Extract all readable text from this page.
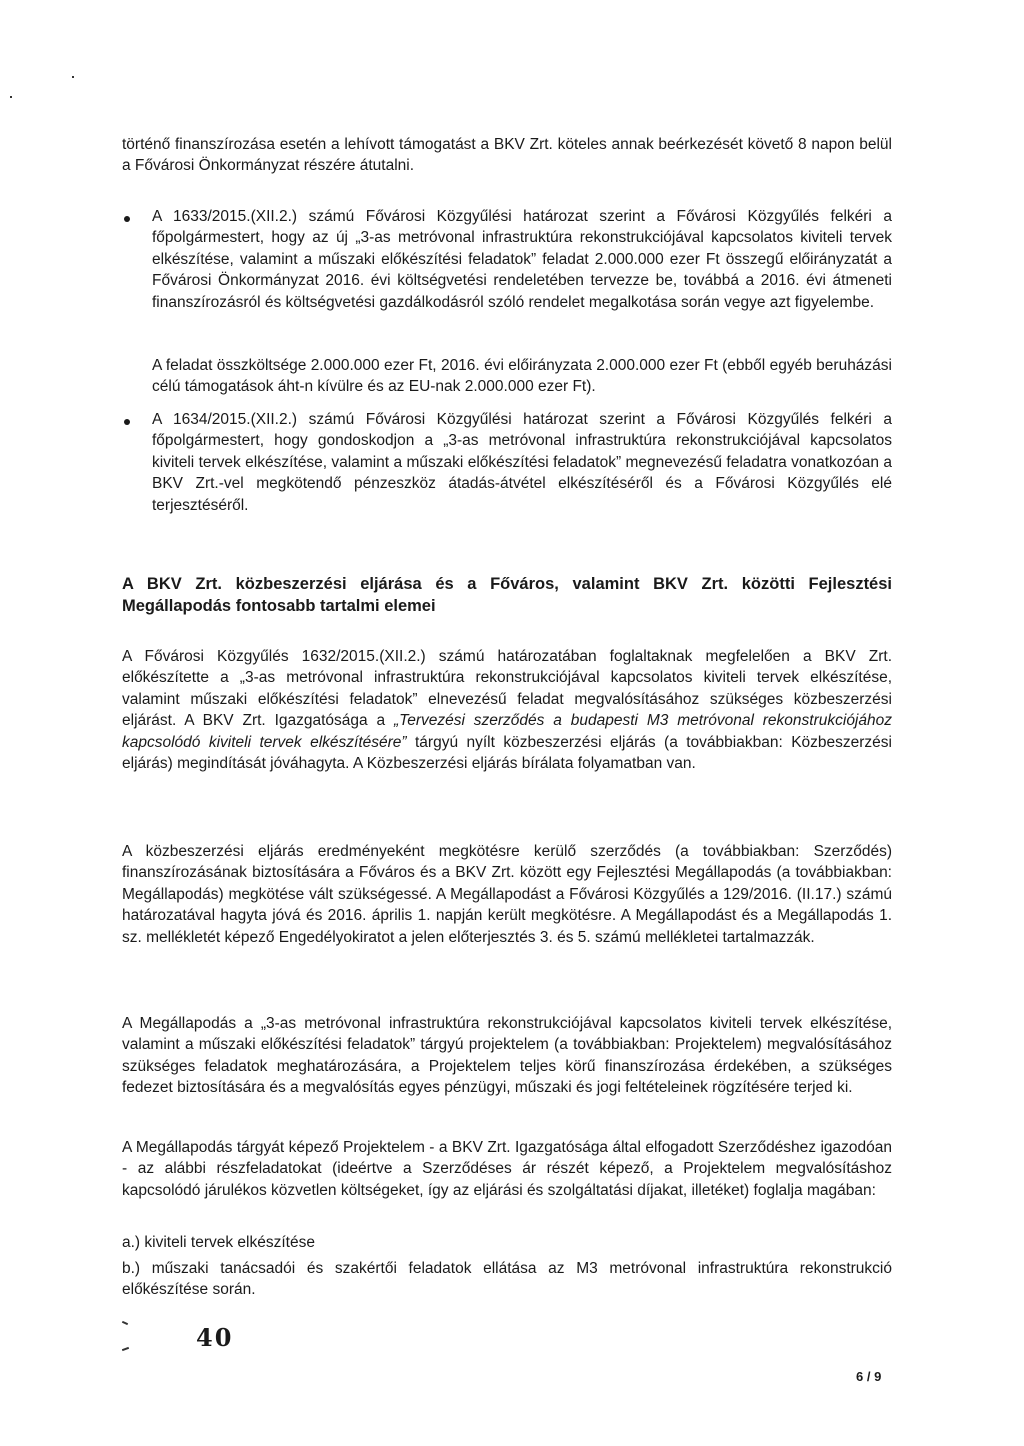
történő finanszírozása esetén a lehívott támogatást a BKV Zrt. köteles annak beérkezését követő 8 napon belül a Fővárosi Önkormányzat részére átutalni.

A 1633/2015.(XII.2.) számú Fővárosi Közgyűlési határozat szerint a Fővárosi Közgyűlés felkéri a főpolgármestert, hogy az új „3-as metróvonal infrastruktúra rekonstrukciójával kapcsolatos kiviteli tervek elkészítése, valamint a műszaki előkészítési feladatok” feladat 2.000.000 ezer Ft összegű előirányzatát a Fővárosi Önkormányzat 2016. évi költségvetési rendeletében tervezze be, továbbá a 2016. évi átmeneti finanszírozásról és költségvetési gazdálkodásról szóló rendelet megalkotása során vegye azt figyelembe.

A feladat összköltsége 2.000.000 ezer Ft, 2016. évi előirányzata 2.000.000 ezer Ft (ebből egyéb beruházási célú támogatások áht-n kívülre és az EU-nak 2.000.000 ezer Ft).

A 1634/2015.(XII.2.) számú Fővárosi Közgyűlési határozat szerint a Fővárosi Közgyűlés felkéri a főpolgármestert, hogy gondoskodjon a „3-as metróvonal infrastruktúra rekonstrukciójával kapcsolatos kiviteli tervek elkészítése, valamint a műszaki előkészítési feladatok” megnevezésű feladatra vonatkozóan a BKV Zrt.-vel megkötendő pénzeszköz átadás-átvétel elkészítéséről és a Fővárosi Közgyűlés elé terjesztéséről.

A BKV Zrt. közbeszerzési eljárása és a Főváros, valamint BKV Zrt. közötti Fejlesztési Megállapodás fontosabb tartalmi elemei

A Fővárosi Közgyűlés 1632/2015.(XII.2.) számú határozatában foglaltaknak megfelelően a BKV Zrt. előkészítette a „3-as metróvonal infrastruktúra rekonstrukciójával kapcsolatos kiviteli tervek elkészítése, valamint műszaki előkészítési feladatok” elnevezésű feladat megvalósításához szükséges közbeszerzési eljárást. A BKV Zrt. Igazgatósága a „Tervezési szerződés a budapesti M3 metróvonal rekonstrukciójához kapcsolódó kiviteli tervek elkészítésére” tárgyú nyílt közbeszerzési eljárás (a továbbiakban: Közbeszerzési eljárás) megindítását jóváhagyta. A Közbeszerzési eljárás bírálata folyamatban van.

A közbeszerzési eljárás eredményeként megkötésre kerülő szerződés (a továbbiakban: Szerződés) finanszírozásának biztosítására a Főváros és a BKV Zrt. között egy Fejlesztési Megállapodás (a továbbiakban: Megállapodás) megkötése vált szükségessé. A Megállapodást a Fővárosi Közgyűlés a 129/2016. (II.17.) számú határozatával hagyta jóvá és 2016. április 1. napján került megkötésre. A Megállapodást és a Megállapodás 1. sz. mellékletét képező Engedélyokiratot a jelen előterjesztés 3. és 5. számú mellékletei tartalmazzák.

A Megállapodás a „3-as metróvonal infrastruktúra rekonstrukciójával kapcsolatos kiviteli tervek elkészítése, valamint a műszaki előkészítési feladatok” tárgyú projektelem (a továbbiakban: Projektelem) megvalósításához szükséges feladatok meghatározására, a Projektelem teljes körű finanszírozása érdekében, a szükséges fedezet biztosítására és a megvalósítás egyes pénzügyi, műszaki és jogi feltételeinek rögzítésére terjed ki.

A Megállapodás tárgyát képező Projektelem - a BKV Zrt. Igazgatósága által elfogadott Szerződéshez igazodóan - az alábbi részfeladatokat (ideértve a Szerződéses ár részét képező, a Projektelem megvalósításhoz kapcsolódó járulékos közvetlen költségeket, így az eljárási és szolgáltatási díjakat, illetéket) foglalja magában:

a.) kiviteli tervek elkészítése

b.) műszaki tanácsadói és szakértői feladatok ellátása az M3 metróvonal infrastruktúra rekonstrukció előkészítése során.

40
6 / 9
